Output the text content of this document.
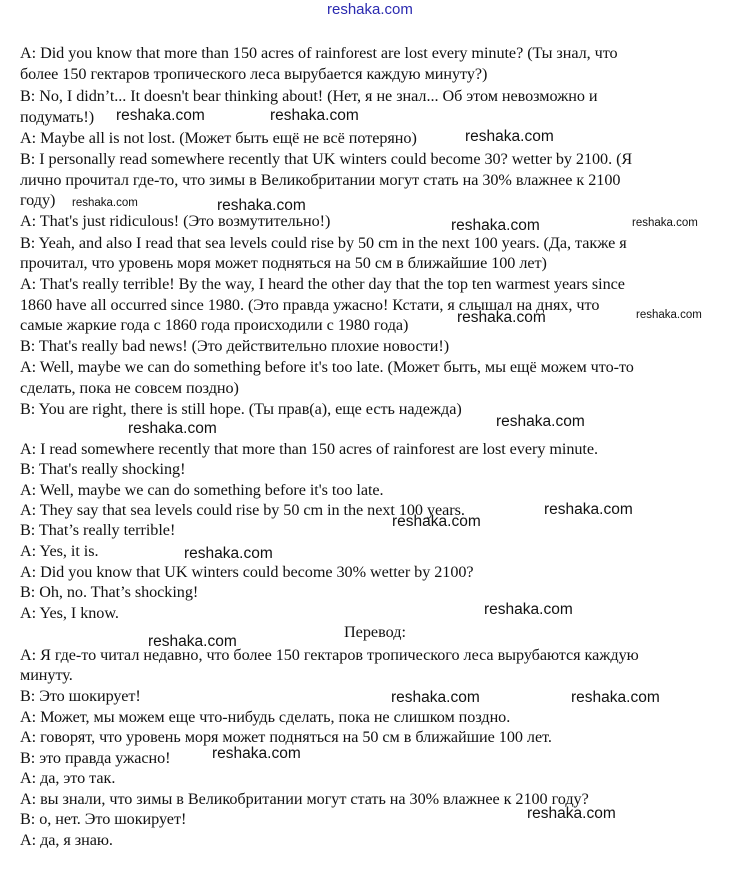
reshaka.com
A: Did you know that more than 150 acres of rainforest are lost every minute? (Ты знал, что
более 150 гектаров тропического леса вырубается каждую минуту?)
B: No, I didn’t... It doesn't bear thinking about! (Нет, я не знал... Об этом невозможно и
подумать!)
A: Maybe all is not lost. (Может быть ещё не всё потеряно)
B: I personally read somewhere recently that UK winters could become 30? wetter by 2100. (Я
лично прочитал где-то, что зимы в Великобритании могут стать на 30% влажнее к 2100
году)
A: That's just ridiculous! (Это возмутительно!)
B: Yeah, and also I read that sea levels could rise by 50 cm in the next 100 years. (Да, также я
прочитал, что уровень моря может подняться на 50 см в ближайшие 100 лет)
A: That's really terrible! By the way, I heard the other day that the top ten warmest years since
1860 have all occurred since 1980. (Это правда ужасно! Кстати, я слышал на днях, что
самые жаркие года с 1860 года происходили с 1980 года)
B: That's really bad news! (Это действительно плохие новости!)
A: Well, maybe we can do something before it's too late. (Может быть, мы ещё можем что-то
сделать, пока не совсем поздно)
B: You are right, there is still hope. (Ты прав(а), еще есть надежда)
A: I read somewhere recently that more than 150 acres of rainforest are lost every minute.
B: That's really shocking!
A: Well, maybe we can do something before it's too late.
A: They say that sea levels could rise by 50 cm in the next 100 years.
B: That’s really terrible!
A: Yes, it is.
A: Did you know that UK winters could become 30% wetter by 2100?
B: Oh, no. That’s shocking!
A: Yes, I know.
Перевод:
А: Я где-то читал недавно, что более 150 гектаров тропического леса вырубаются каждую
минуту.
В: Это шокирует!
А: Может, мы можем еще что-нибудь сделать, пока не слишком поздно.
А: говорят, что уровень моря может подняться на 50 см в ближайшие 100 лет.
В: это правда ужасно!
А: да, это так.
А: вы знали, что зимы в Великобритании могут стать на 30% влажнее к 2100 году?
В: о, нет. Это шокирует!
А: да, я знаю.
reshaka.com	reshaka.com
reshaka.com
reshaka.com	reshaka.com
reshaka.com	reshaka.com
reshaka.com	reshaka.com
reshaka.com	reshaka.com
reshaka.com
reshaka.com
reshaka.com
reshaka.com
reshaka.com
reshaka.com	reshaka.com
reshaka.com
reshaka.com
